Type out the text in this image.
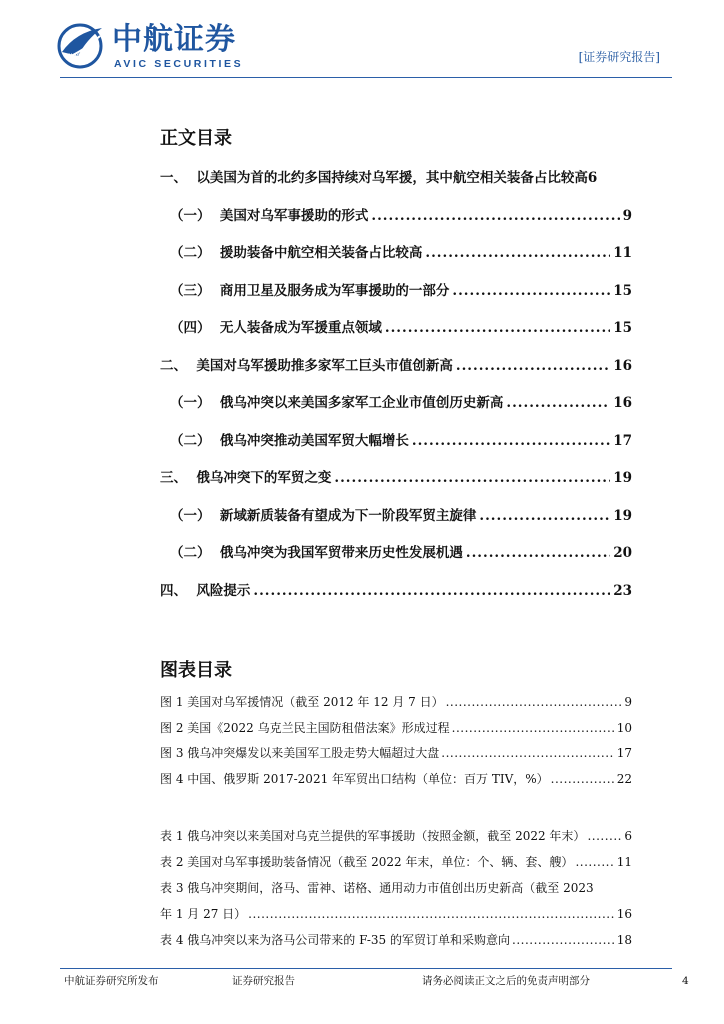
AVIC 中航证券
AVIC SECURITIES	[证券研究报告]
正文目录
一、 以美国为首的北约多国持续对乌军援，其中航空相关装备占比较高 6
（一） 美国对乌军事援助的形式 .....	9
（二） 援助装备中航空相关装备占比较高 .....	11
（三） 商用卫星及服务成为军事援助的一部分 .....	15
（四） 无人装备成为军援重点领域 .....	15
二、 美国对乌军援助推多家军工巨头市值创新高 .....	16
（一） 俄乌冲突以来美国多家军工企业市值创历史新高 .....	16
（二） 俄乌冲突推动美国军贸大幅增长 .....	17
三、 俄乌冲突下的军贸之变 .....	19
（一） 新域新质装备有望成为下一阶段军贸主旋律 .....	19
（二） 俄乌冲突为我国军贸带来历史性发展机遇 .....	20
四、 风险提示 .....	23
图表目录
图 1 美国对乌军援情况（截至 2012 年 12 月 7 日） .....	9
图 2 美国《2022 乌克兰民主国防租借法案》形成过程 .....	10
图 3 俄乌冲突爆发以来美国军工股走势大幅超过大盘 .....	17
图 4 中国、俄罗斯 2017-2021 年军贸出口结构（单位：百万 TIV，%） .....	22
表 1 俄乌冲突以来美国对乌克兰提供的军事援助（按照金额，截至 2022 年末） .....	6
表 2 美国对乌军事援助装备情况（截至 2022 年末，单位：个、辆、套、艘） .....	11
表 3 俄乌冲突期间，洛马、雷神、诺格、通用动力市值创出历史新高（截至 2023
年 1 月 27 日） .....	16
表 4 俄乌冲突以来为洛马公司带来的 F-35 的军贸订单和采购意向 .....	18
中航证券研究所发布	证券研究报告	请务必阅读正文之后的免责声明部分	4
